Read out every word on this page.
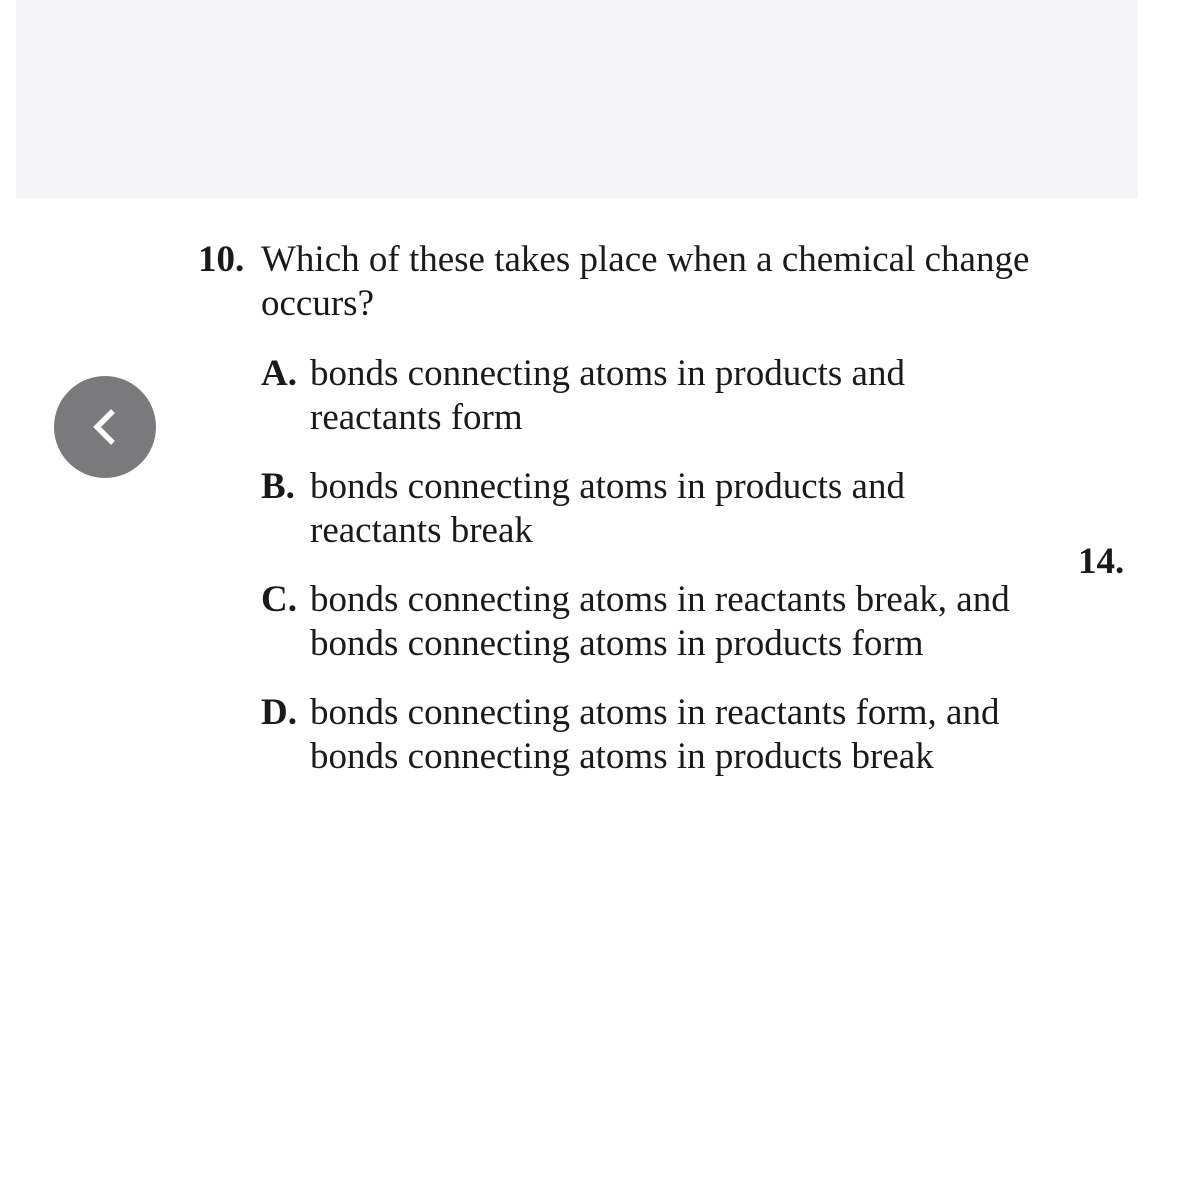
10. Which of these takes place when a chemical change occurs?
A. bonds connecting atoms in products and reactants form
B. bonds connecting atoms in products and reactants break
C. bonds connecting atoms in reactants break, and bonds connecting atoms in products form
D. bonds connecting atoms in reactants form, and bonds connecting atoms in products break
14.
